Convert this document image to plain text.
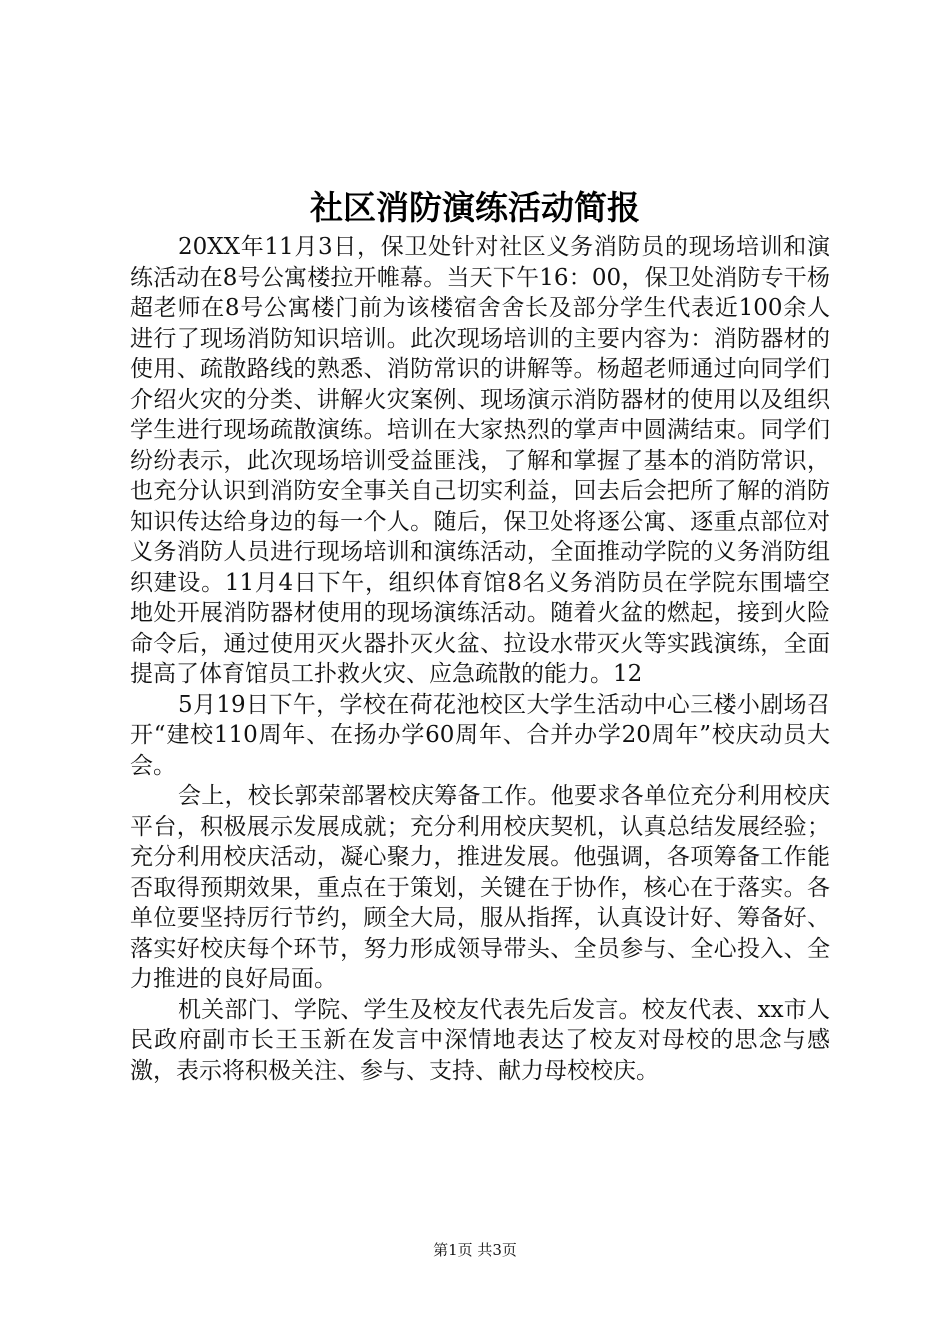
社区消防演练活动简报

20XX年11月3日，保卫处针对社区义务消防员的现场培训和演练活动在8号公寓楼拉开帷幕。当天下午16：00，保卫处消防专干杨超老师在8号公寓楼门前为该楼宿舍舍长及部分学生代表近100余人进行了现场消防知识培训。此次现场培训的主要内容为：消防器材的使用、疏散路线的熟悉、消防常识的讲解等。杨超老师通过向同学们介绍火灾的分类、讲解火灾案例、现场演示消防器材的使用以及组织学生进行现场疏散演练。培训在大家热烈的掌声中圆满结束。同学们纷纷表示，此次现场培训受益匪浅，了解和掌握了基本的消防常识，也充分认识到消防安全事关自己切实利益，回去后会把所了解的消防知识传达给身边的每一个人。随后，保卫处将逐公寓、逐重点部位对义务消防人员进行现场培训和演练活动，全面推动学院的义务消防组织建设。11月4日下午，组织体育馆8名义务消防员在学院东围墙空地处开展消防器材使用的现场演练活动。随着火盆的燃起，接到火险命令后，通过使用灭火器扑灭火盆、拉设水带灭火等实践演练，全面提高了体育馆员工扑救火灾、应急疏散的能力。12

5月19日下午，学校在荷花池校区大学生活动中心三楼小剧场召开“建校110周年、在扬办学60周年、合并办学20周年”校庆动员大会。

会上，校长郭荣部署校庆筹备工作。他要求各单位充分利用校庆平台，积极展示发展成就；充分利用校庆契机，认真总结发展经验；充分利用校庆活动，凝心聚力，推进发展。他强调，各项筹备工作能否取得预期效果，重点在于策划，关键在于协作，核心在于落实。各单位要坚持厉行节约，顾全大局，服从指挥，认真设计好、筹备好、落实好校庆每个环节，努力形成领导带头、全员参与、全心投入、全力推进的良好局面。

机关部门、学院、学生及校友代表先后发言。校友代表、xx市人民政府副市长王玉新在发言中深情地表达了校友对母校的思念与感激，表示将积极关注、参与、支持、献力母校校庆。

第1页 共3页
